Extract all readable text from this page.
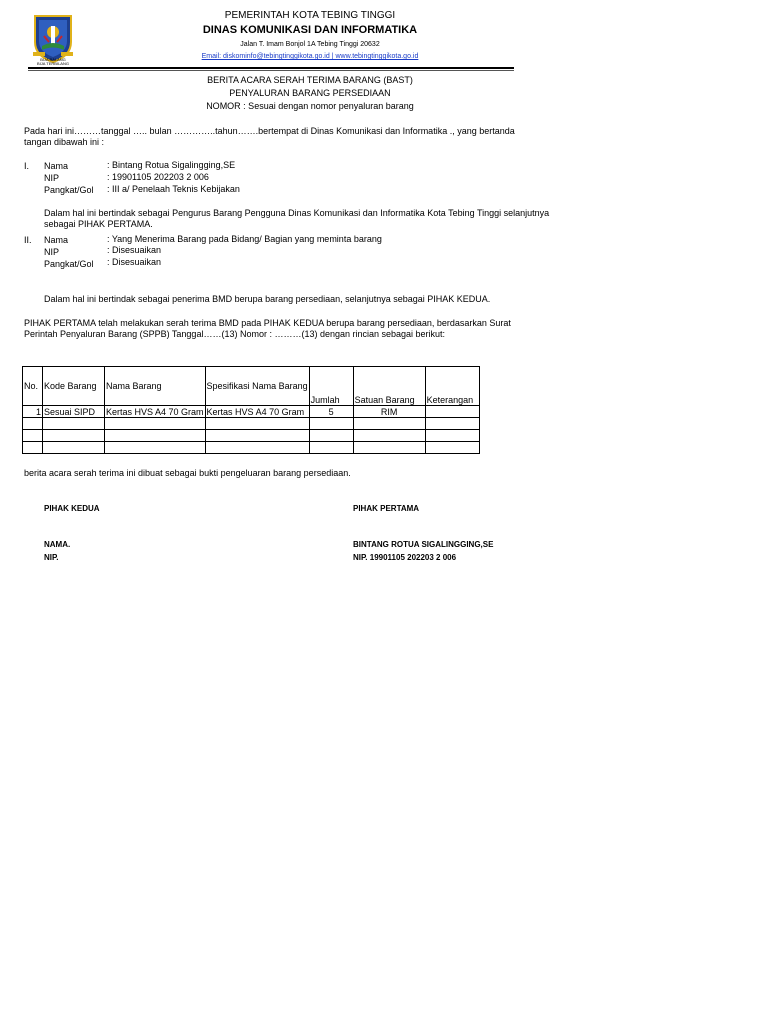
BIJA BALANG
BIJA TERBILANG
PEMERINTAH KOTA TEBING TINGGI
DINAS KOMUNIKASI DAN INFORMATIKA
Jalan T. Imam Bonjol 1A Tebing Tinggi 20632
Email: diskominfo@tebingtinggikota.go.id | www.tebingtinggikota.go.id
BERITA ACARA SERAH TERIMA BARANG (BAST)
PENYALURAN BARANG PERSEDIAAN
NOMOR : Sesuai dengan nomor penyaluran barang
Pada hari ini………tanggal ….. bulan …………..tahun…….bertempat di Dinas Komunikasi dan Informatika ., yang bertanda tangan dibawah ini :
I. Nama	: Bintang Rotua Sigalingging,SE
NIP	: 19901105 202203 2 006
Pangkat/Gol : III a/ Penelaah Teknis Kebijakan
Dalam hal ini bertindak sebagai Pengurus Barang Pengguna Dinas Komunikasi dan Informatika Kota Tebing Tinggi selanjutnya sebagai PIHAK PERTAMA.
II. Nama	: Yang Menerima Barang pada Bidang/ Bagian yang meminta barang
NIP	: Disesuaikan
Pangkat/Gol : Disesuaikan
Dalam hal ini bertindak sebagai penerima BMD berupa barang persediaan, selanjutnya sebagai PIHAK KEDUA.
PIHAK PERTAMA telah melakukan serah terima BMD pada PIHAK KEDUA berupa barang persediaan, berdasarkan Surat Perintah Penyaluran Barang (SPPB) Tanggal……(13) Nomor : ………(13) dengan rincian sebagai berikut:
No.	Kode Barang	Nama Barang	Spesifikasi Nama Barang	Jumlah	Satuan Barang	Keterangan
1	Sesuai SIPD	Kertas HVS A4 70 Gram	Kertas HVS A4 70 Gram	5	RIM	

berita acara serah terima ini dibuat sebagai bukti pengeluaran barang persediaan.
PIHAK KEDUA
NAMA.
NIP.
PIHAK PERTAMA
BINTANG ROTUA SIGALINGGING,SE
NIP. 19901105 202203 2 006
